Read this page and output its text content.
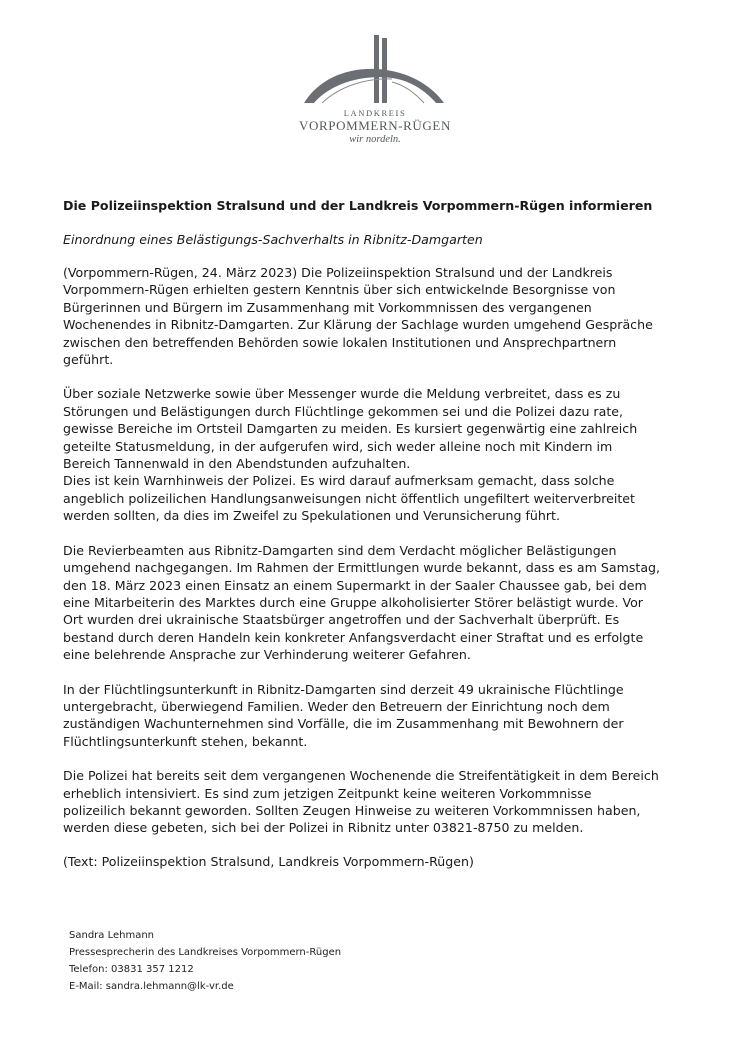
LANDKREIS
VORPOMMERN-RÜGEN
wir nordeln.
Die Polizeiinspektion Stralsund und der Landkreis Vorpommern-Rügen informieren
Einordnung eines Belästigungs-Sachverhalts in Ribnitz-Damgarten

(Vorpommern-Rügen, 24. März 2023) Die Polizeiinspektion Stralsund und der Landkreis
Vorpommern-Rügen erhielten gestern Kenntnis über sich entwickelnde Besorgnisse von
Bürgerinnen und Bürgern im Zusammenhang mit Vorkommnissen des vergangenen
Wochenendes in Ribnitz-Damgarten. Zur Klärung der Sachlage wurden umgehend Gespräche
zwischen den betreffenden Behörden sowie lokalen Institutionen und Ansprechpartnern
geführt.

Über soziale Netzwerke sowie über Messenger wurde die Meldung verbreitet, dass es zu
Störungen und Belästigungen durch Flüchtlinge gekommen sei und die Polizei dazu rate,
gewisse Bereiche im Ortsteil Damgarten zu meiden. Es kursiert gegenwärtig eine zahlreich
geteilte Statusmeldung, in der aufgerufen wird, sich weder alleine noch mit Kindern im
Bereich Tannenwald in den Abendstunden aufzuhalten.
Dies ist kein Warnhinweis der Polizei. Es wird darauf aufmerksam gemacht, dass solche
angeblich polizeilichen Handlungsanweisungen nicht öffentlich ungefiltert weiterverbreitet
werden sollten, da dies im Zweifel zu Spekulationen und Verunsicherung führt.

Die Revierbeamten aus Ribnitz-Damgarten sind dem Verdacht möglicher Belästigungen
umgehend nachgegangen. Im Rahmen der Ermittlungen wurde bekannt, dass es am Samstag,
den 18. März 2023 einen Einsatz an einem Supermarkt in der Saaler Chaussee gab, bei dem
eine Mitarbeiterin des Marktes durch eine Gruppe alkoholisierter Störer belästigt wurde. Vor
Ort wurden drei ukrainische Staatsbürger angetroffen und der Sachverhalt überprüft. Es
bestand durch deren Handeln kein konkreter Anfangsverdacht einer Straftat und es erfolgte
eine belehrende Ansprache zur Verhinderung weiterer Gefahren.

In der Flüchtlingsunterkunft in Ribnitz-Damgarten sind derzeit 49 ukrainische Flüchtlinge
untergebracht, überwiegend Familien. Weder den Betreuern der Einrichtung noch dem
zuständigen Wachunternehmen sind Vorfälle, die im Zusammenhang mit Bewohnern der
Flüchtlingsunterkunft stehen, bekannt.

Die Polizei hat bereits seit dem vergangenen Wochenende die Streifentätigkeit in dem Bereich
erheblich intensiviert. Es sind zum jetzigen Zeitpunkt keine weiteren Vorkommnisse
polizeilich bekannt geworden. Sollten Zeugen Hinweise zu weiteren Vorkommnissen haben,
werden diese gebeten, sich bei der Polizei in Ribnitz unter 03821-8750 zu melden.

(Text: Polizeiinspektion Stralsund, Landkreis Vorpommern-Rügen)
Sandra Lehmann
Pressesprecherin des Landkreises Vorpommern-Rügen
Telefon: 03831 357 1212
E-Mail: sandra.lehmann@lk-vr.de
